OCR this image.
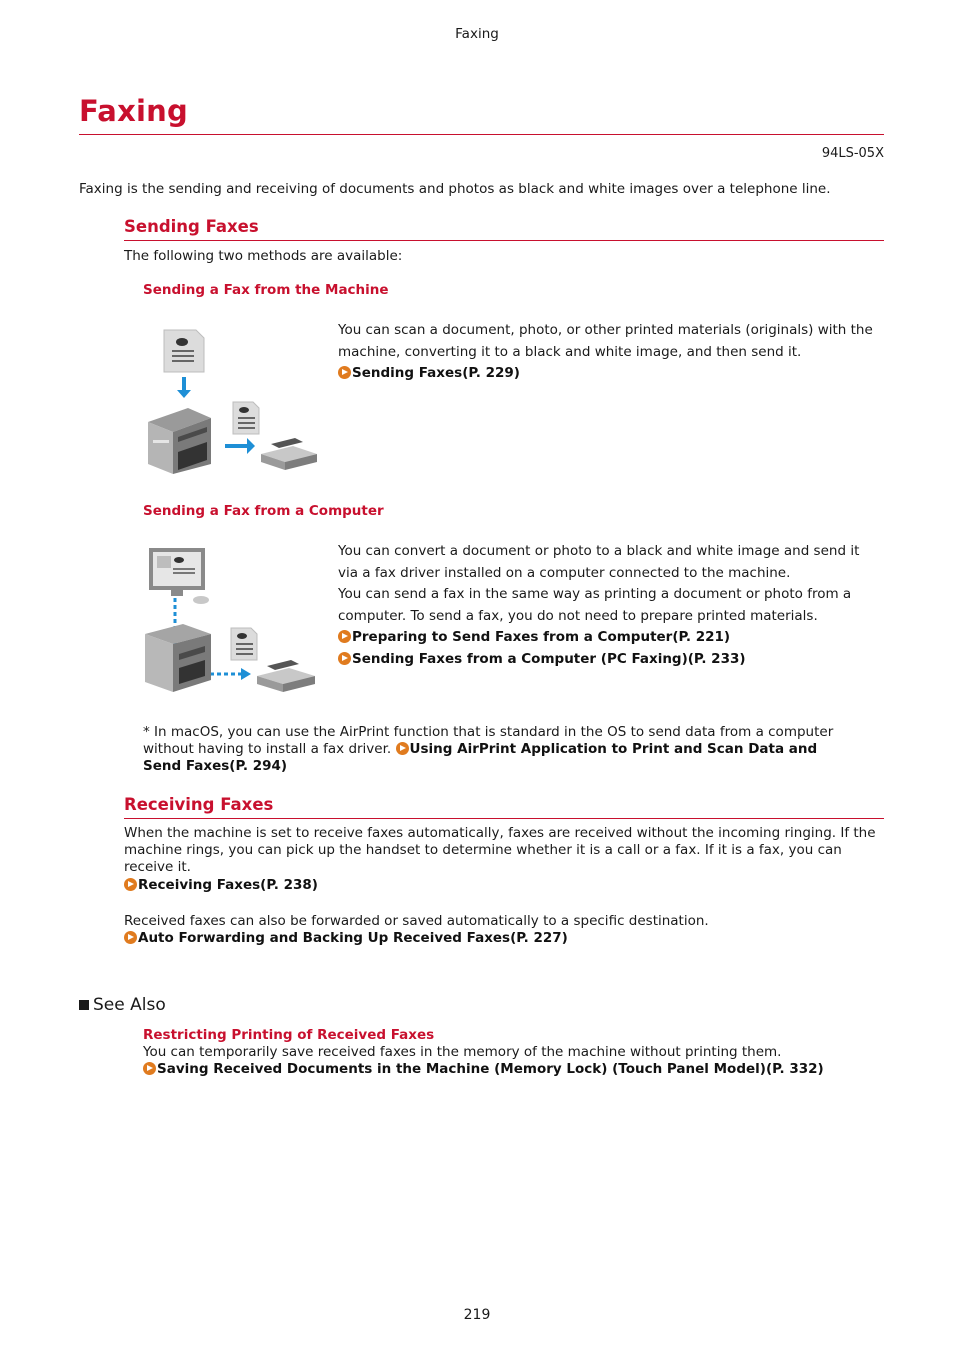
Faxing
Faxing
94LS-05X
Faxing is the sending and receiving of documents and photos as black and white images over a telephone line.
Sending Faxes
The following two methods are available:
Sending a Fax from the Machine
You can scan a document, photo, or other printed materials (originals) with the machine, converting it to a black and white image, and then send it.
Sending Faxes(P. 229)
Sending a Fax from a Computer
You can convert a document or photo to a black and white image and send it via a fax driver installed on a computer connected to the machine.
You can send a fax in the same way as printing a document or photo from a computer. To send a fax, you do not need to prepare printed materials.
Preparing to Send Faxes from a Computer(P. 221)
Sending Faxes from a Computer (PC Faxing)(P. 233)
* In macOS, you can use the AirPrint function that is standard in the OS to send data from a computer without having to install a fax driver. Using AirPrint Application to Print and Scan Data and Send Faxes(P. 294)
Receiving Faxes
When the machine is set to receive faxes automatically, faxes are received without the incoming ringing. If the machine rings, you can pick up the handset to determine whether it is a call or a fax. If it is a fax, you can receive it.
Receiving Faxes(P. 238)
Received faxes can also be forwarded or saved automatically to a specific destination.
Auto Forwarding and Backing Up Received Faxes(P. 227)
See Also
Restricting Printing of Received Faxes
You can temporarily save received faxes in the memory of the machine without printing them.
Saving Received Documents in the Machine (Memory Lock) (Touch Panel Model)(P. 332)
219
